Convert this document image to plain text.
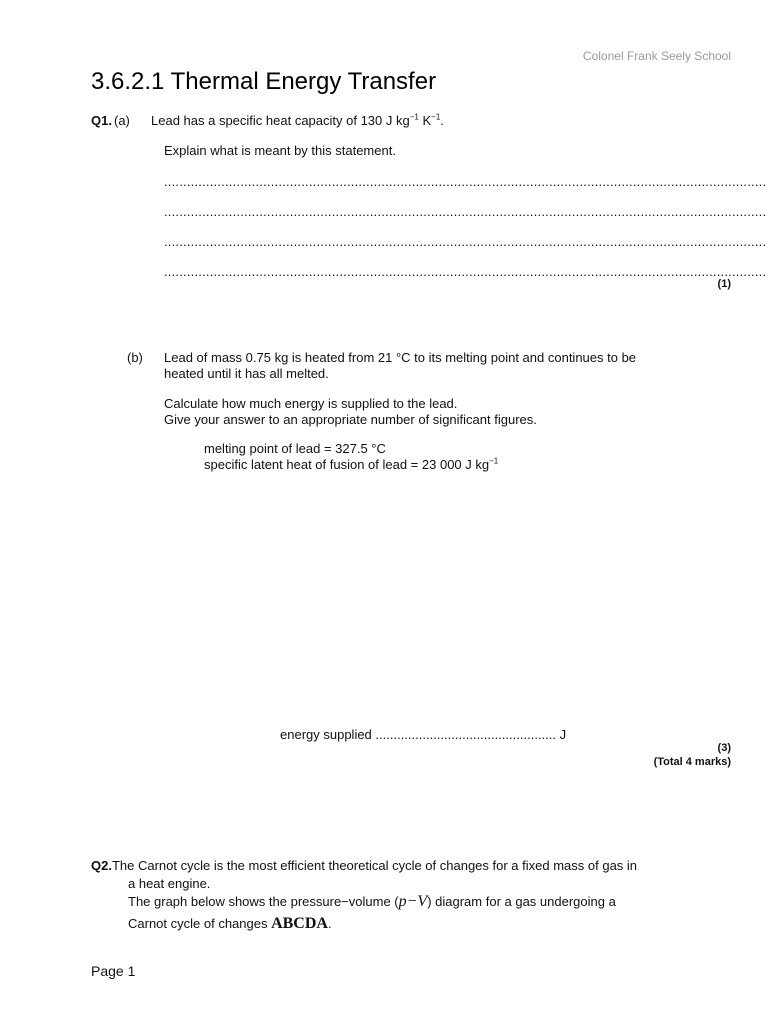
Colonel Frank Seely School
3.6.2.1 Thermal Energy Transfer
Q1. (a) Lead has a specific heat capacity of 130 J $kg^{-1}$ $K^{-1}$.
Explain what is meant by this statement.
..............................................................................................................................................................
..............................................................................................................................................................
..............................................................................................................................................................
..............................................................................................................................................................
(1)
(b) Lead of mass 0.75 kg is heated from 21 °C to its melting point and continues to be
heated until it has all melted.
Calculate how much energy is supplied to the lead.
Give your answer to an appropriate number of significant figures.
melting point of lead = 327.5 °C
specific latent heat of fusion of lead = 23 000 J $kg^{-1}$
energy supplied .................................................. J
(3)
(Total 4 marks)
Q2.The Carnot cycle is the most efficient theoretical cycle of changes for a fixed mass of gas in
a heat engine.
The graph below shows the pressure−volume (p−V) diagram for a gas undergoing a
Carnot cycle of changes ABCDA.
Page 1
